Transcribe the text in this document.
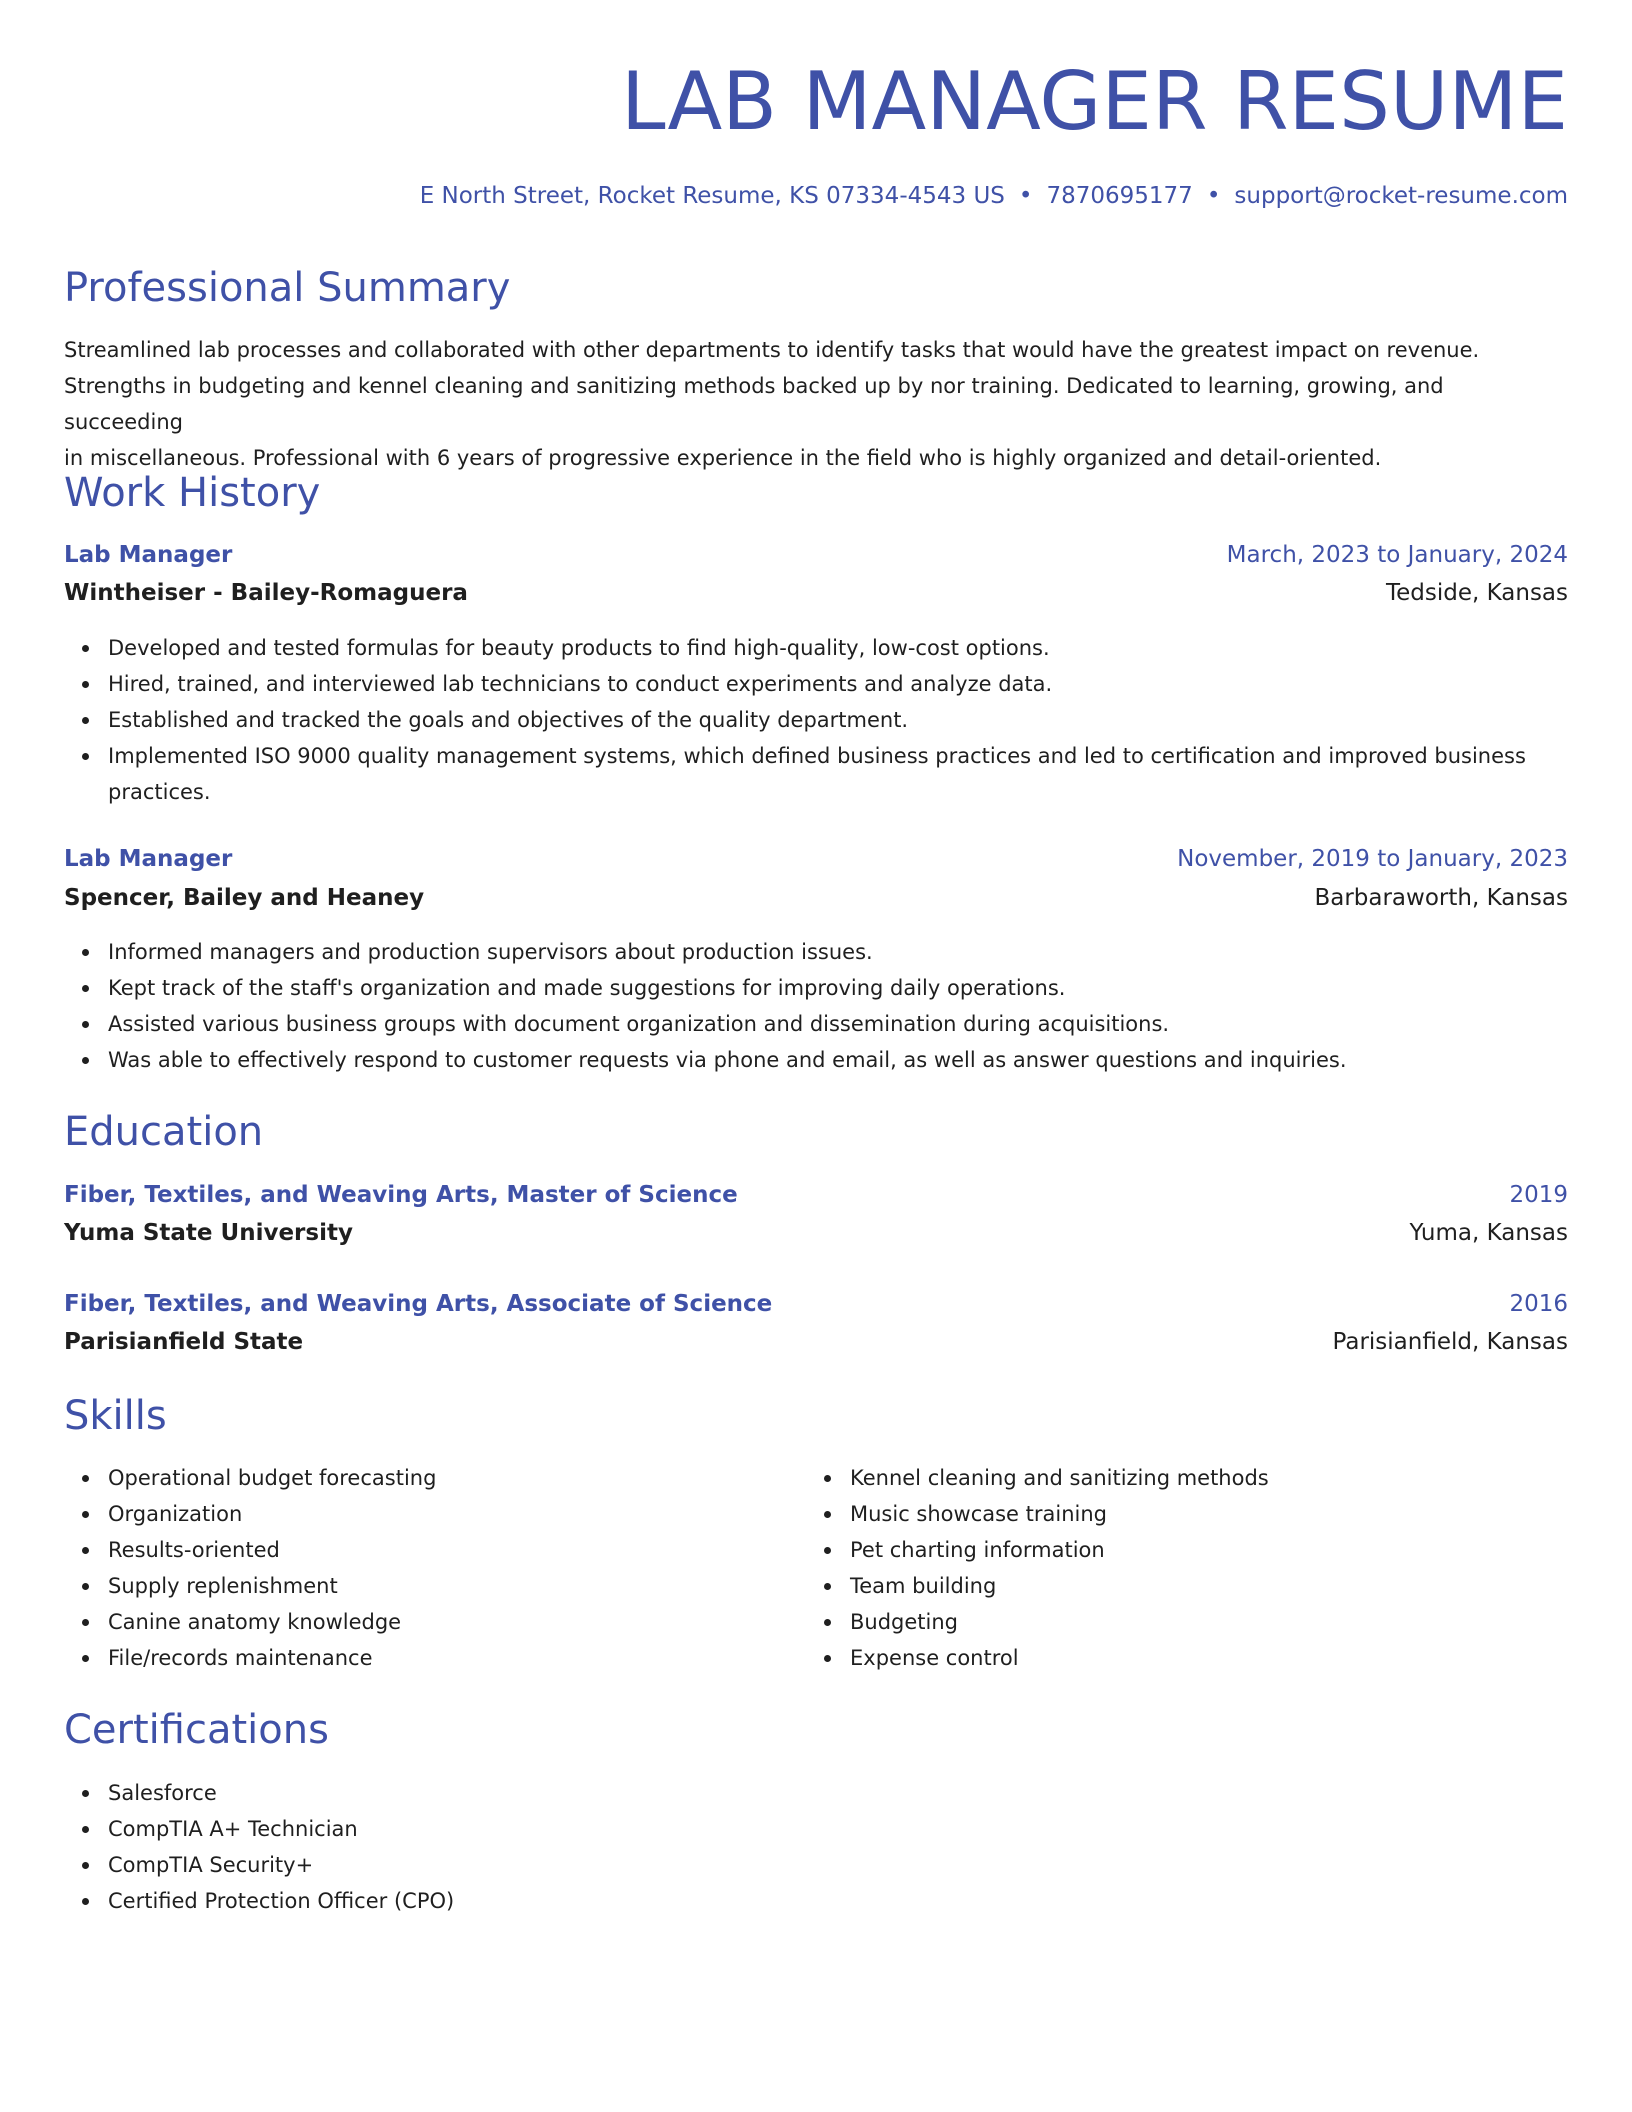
LAB MANAGER RESUME
E North Street, Rocket Resume, KS 07334-4543 US • 7870695177 • support@rocket-resume.com
Professional Summary
Streamlined lab processes and collaborated with other departments to identify tasks that would have the greatest impact on revenue.
Strengths in budgeting and kennel cleaning and sanitizing methods backed up by nor training. Dedicated to learning, growing, and succeeding
in miscellaneous. Professional with 6 years of progressive experience in the field who is highly organized and detail-oriented.
Work History
Lab Manager	March, 2023 to January, 2024
Wintheiser - Bailey-Romaguera	Tedside, Kansas
Developed and tested formulas for beauty products to find high-quality, low-cost options.
Hired, trained, and interviewed lab technicians to conduct experiments and analyze data.
Established and tracked the goals and objectives of the quality department.
Implemented ISO 9000 quality management systems, which defined business practices and led to certification and improved business
practices.
Lab Manager	November, 2019 to January, 2023
Spencer, Bailey and Heaney	Barbaraworth, Kansas
Informed managers and production supervisors about production issues.
Kept track of the staff's organization and made suggestions for improving daily operations.
Assisted various business groups with document organization and dissemination during acquisitions.
Was able to effectively respond to customer requests via phone and email, as well as answer questions and inquiries.
Education
Fiber, Textiles, and Weaving Arts, Master of Science	2019
Yuma State University	Yuma, Kansas
Fiber, Textiles, and Weaving Arts, Associate of Science	2016
Parisianfield State	Parisianfield, Kansas
Skills
Operational budget forecasting
Organization
Results-oriented
Supply replenishment
Canine anatomy knowledge
File/records maintenance
Kennel cleaning and sanitizing methods
Music showcase training
Pet charting information
Team building
Budgeting
Expense control
Certifications
Salesforce
CompTIA A+ Technician
CompTIA Security+
Certified Protection Officer (CPO)
